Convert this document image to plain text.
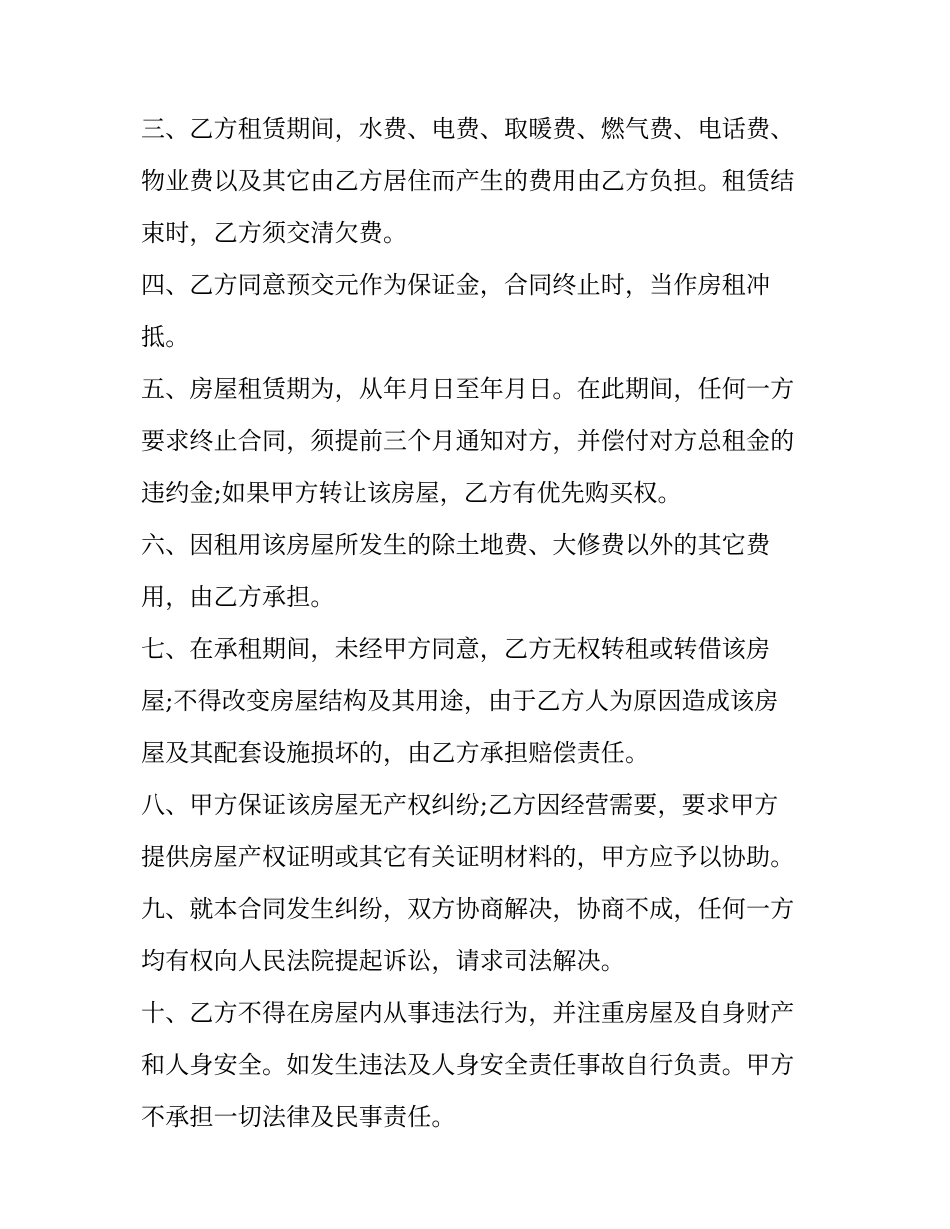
三、乙方租赁期间，水费、电费、取暖费、燃气费、电话费、
物业费以及其它由乙方居住而产生的费用由乙方负担。租赁结
束时，乙方须交清欠费。
四、乙方同意预交元作为保证金，合同终止时，当作房租冲
抵。
五、房屋租赁期为，从年月日至年月日。在此期间，任何一方
要求终止合同，须提前三个月通知对方，并偿付对方总租金的
违约金;如果甲方转让该房屋，乙方有优先购买权。
六、因租用该房屋所发生的除土地费、大修费以外的其它费
用，由乙方承担。
七、在承租期间，未经甲方同意，乙方无权转租或转借该房
屋;不得改变房屋结构及其用途，由于乙方人为原因造成该房
屋及其配套设施损坏的，由乙方承担赔偿责任。
八、甲方保证该房屋无产权纠纷;乙方因经营需要，要求甲方
提供房屋产权证明或其它有关证明材料的，甲方应予以协助。
九、就本合同发生纠纷，双方协商解决，协商不成，任何一方
均有权向人民法院提起诉讼，请求司法解决。
十、乙方不得在房屋内从事违法行为，并注重房屋及自身财产
和人身安全。如发生违法及人身安全责任事故自行负责。甲方
不承担一切法律及民事责任。
